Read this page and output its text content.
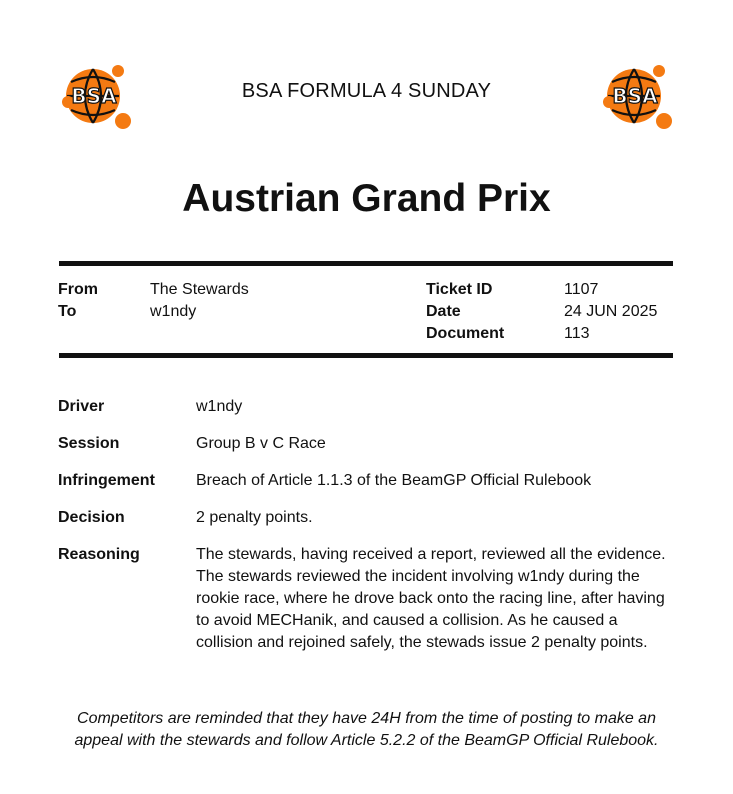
BSA	BSA
BSA FORMULA 4 SUNDAY
Austrian Grand Prix
From	The Stewards
To	w1ndy
Ticket ID	1107
Date	24 JUN 2025
Document	113
Driver	w1ndy
Session	Group B v C Race
Infringement	Breach of Article 1.1.3 of the BeamGP Official Rulebook
Decision	2 penalty points.
Reasoning	The stewards, having received a report, reviewed all the evidence. The stewards reviewed the incident involving w1ndy during the rookie race, where he drove back onto the racing line, after having to avoid MECHanik, and caused a collision. As he caused a collision and rejoined safely, the stewads issue 2 penalty points.
Competitors are reminded that they have 24H from the time of posting to make an appeal with the stewards and follow Article 5.2.2 of the BeamGP Official Rulebook.
